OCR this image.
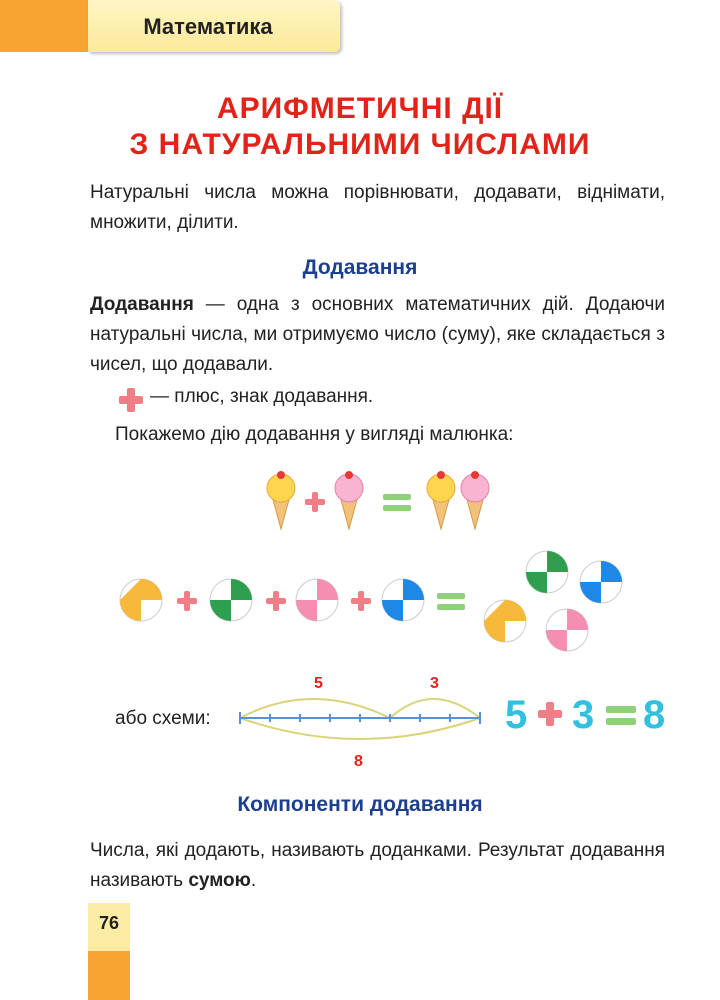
Математика
АРИФМЕТИЧНІ ДІЇ
З НАТУРАЛЬНИМИ ЧИСЛАМИ
Натуральні числа можна порівнювати, додавати, віднімати, множити, ділити.
Додавання
Додавання — одна з основних математичних дій. Додаючи натуральні числа, ми отримуємо число (суму), яке складається з чисел, що додавали.
— плюс, знак додавання.
Покажемо дію додавання у вигляді малюнка:
або схеми:
5	3
8
5 3 8
Компоненти додавання
Числа, які додають, називають доданками. Результат додавання називають сумою.
76
